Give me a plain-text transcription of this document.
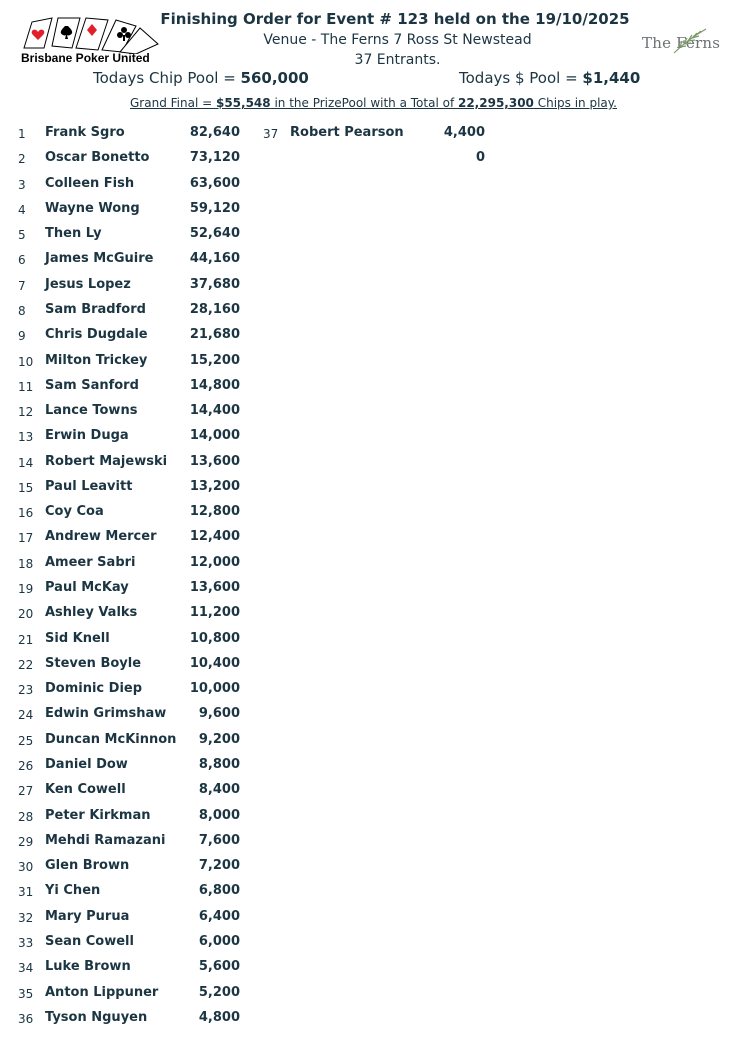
Brisbane Poker United
Finishing Order for Event # 123 held on the 19/10/2025
Venue - The Ferns 7 Ross St Newstead
37 Entrants.
The Ferns
Todays Chip Pool = 560,000	Todays $ Pool = $1,440
Grand Final = $55,548 in the PrizePool with a Total of 22,295,300 Chips in play.
1 Frank Sgro	82,640
2 Oscar Bonetto	73,120
3 Colleen Fish	63,600
4 Wayne Wong	59,120
5 Then Ly	52,640
6 James McGuire	44,160
7 Jesus Lopez	37,680
8 Sam Bradford	28,160
9 Chris Dugdale	21,680
10 Milton Trickey	15,200
11 Sam Sanford	14,800
12 Lance Towns	14,400
13 Erwin Duga	14,000
14 Robert Majewski	13,600
15 Paul Leavitt	13,200
16 Coy Coa	12,800
17 Andrew Mercer	12,400
18 Ameer Sabri	12,000
19 Paul McKay	13,600
20 Ashley Valks	11,200
21 Sid Knell	10,800
22 Steven Boyle	10,400
23 Dominic Diep	10,000
24 Edwin Grimshaw	9,600
25 Duncan McKinnon	9,200
26 Daniel Dow	8,800
27 Ken Cowell	8,400
28 Peter Kirkman	8,000
29 Mehdi Ramazani	7,600
30 Glen Brown	7,200
31 Yi Chen	6,800
32 Mary Purua	6,400
33 Sean Cowell	6,000
34 Luke Brown	5,600
35 Anton Lippuner	5,200
36 Tyson Nguyen	4,800
37 Robert Pearson	4,400
0
